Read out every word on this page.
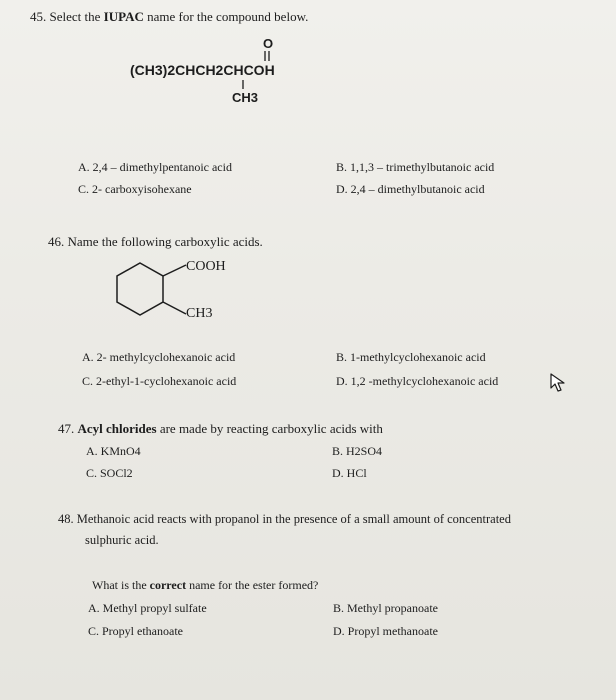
45. Select the IUPAC name for the compound below.
O
(CH3)2CHCH2CHCOH
CH3
A. 2,4 – dimethylpentanoic acid	B. 1,1,3 – trimethylbutanoic acid
C. 2- carboxyisohexane	D. 2,4 – dimethylbutanoic acid
46. Name the following carboxylic acids.
COOH
CH3
A. 2- methylcyclohexanoic acid	B. 1-methylcyclohexanoic acid
C. 2-ethyl-1-cyclohexanoic acid	D. 1,2 -methylcyclohexanoic acid
47. Acyl chlorides are made by reacting carboxylic acids with
A. KMnO4	B. H2SO4
C. SOCl2	D. HCl
48. Methanoic acid reacts with propanol in the presence of a small amount of concentrated
sulphuric acid.
What is the correct name for the ester formed?
A. Methyl propyl sulfate	B. Methyl propanoate
C. Propyl ethanoate	D. Propyl methanoate
